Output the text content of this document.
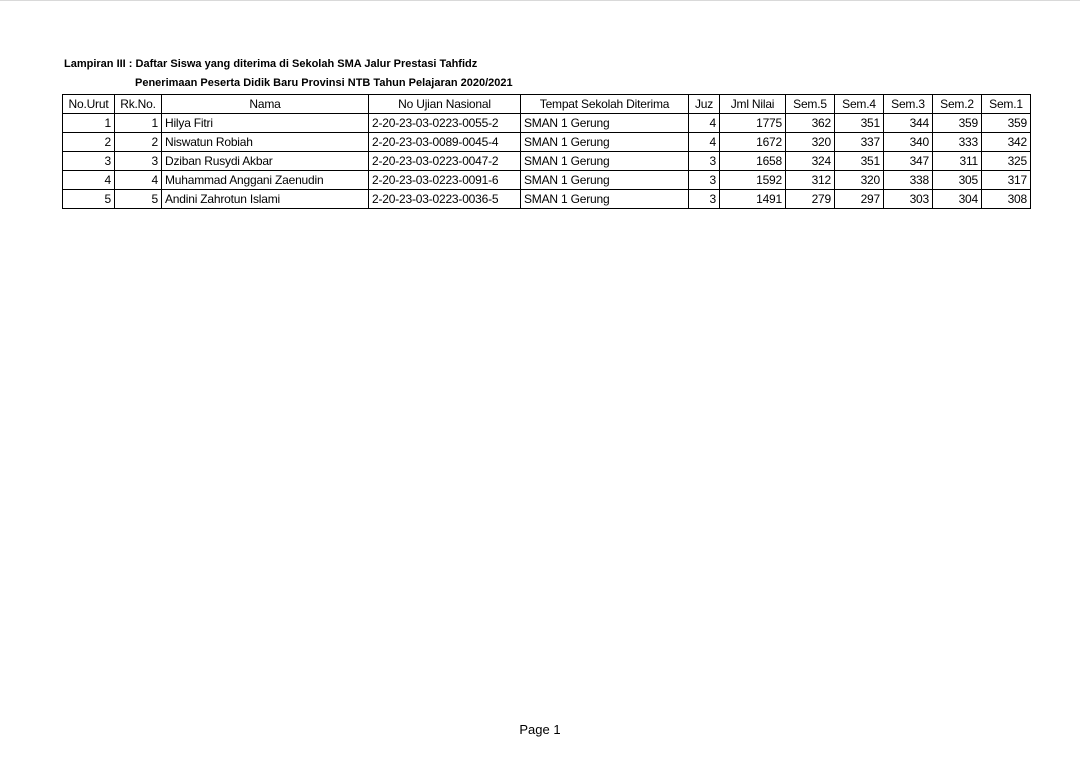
Lampiran III : Daftar Siswa yang diterima di Sekolah SMA Jalur Prestasi Tahfidz
Penerimaan Peserta Didik Baru Provinsi NTB Tahun Pelajaran 2020/2021
No.Urut	Rk.No.	Nama	No Ujian Nasional	Tempat Sekolah Diterima	Juz	Jml Nilai	Sem.5	Sem.4	Sem.3	Sem.2	Sem.1
1	1	Hilya Fitri	2-20-23-03-0223-0055-2	SMAN 1 Gerung	4	1775	362	351	344	359	359
2	2	Niswatun Robiah	2-20-23-03-0089-0045-4	SMAN 1 Gerung	4	1672	320	337	340	333	342
3	3	Dziban Rusydi Akbar	2-20-23-03-0223-0047-2	SMAN 1 Gerung	3	1658	324	351	347	311	325
4	4	Muhammad Anggani Zaenudin	2-20-23-03-0223-0091-6	SMAN 1 Gerung	3	1592	312	320	338	305	317
5	5	Andini Zahrotun Islami	2-20-23-03-0223-0036-5	SMAN 1 Gerung	3	1491	279	297	303	304	308
Page 1
